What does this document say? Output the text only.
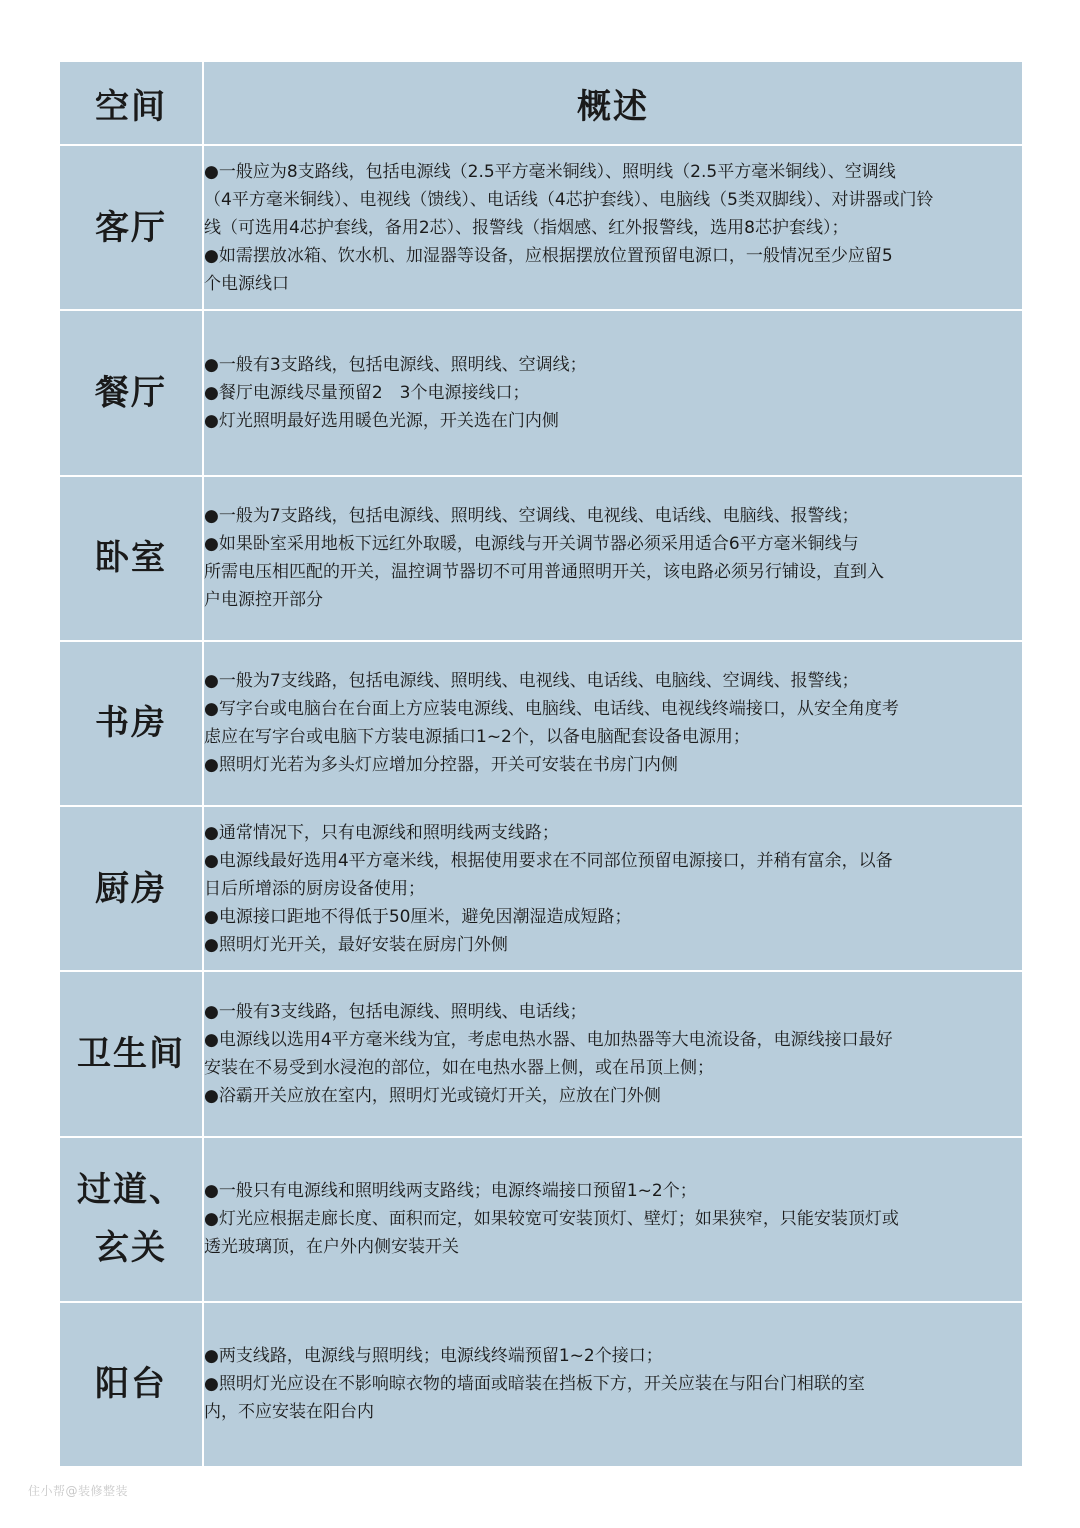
空间	概述

客厅	●一般应为8支路线，包括电源线（2.5平方毫米铜线）、照明线（2.5平方毫米铜线）、空调线
（4平方毫米铜线）、电视线（馈线）、电话线（4芯护套线）、电脑线（5类双脚线）、对讲器或门铃
线（可选用4芯护套线，备用2芯）、报警线（指烟感、红外报警线，选用8芯护套线）；
●如需摆放冰箱、饮水机、加湿器等设备，应根据摆放位置预留电源口，一般情况至少应留5
个电源线口

餐厅	●一般有3支路线，包括电源线、照明线、空调线；
●餐厅电源线尽量预留2　3个电源接线口；
●灯光照明最好选用暖色光源，开关选在门内侧

卧室	●一般为7支路线，包括电源线、照明线、空调线、电视线、电话线、电脑线、报警线；
●如果卧室采用地板下远红外取暖，电源线与开关调节器必须采用适合6平方毫米铜线与
所需电压相匹配的开关，温控调节器切不可用普通照明开关，该电路必须另行铺设，直到入
户电源控开部分

书房	●一般为7支线路，包括电源线、照明线、电视线、电话线、电脑线、空调线、报警线；
●写字台或电脑台在台面上方应装电源线、电脑线、电话线、电视线终端接口，从安全角度考
虑应在写字台或电脑下方装电源插口1~2个，以备电脑配套设备电源用；
●照明灯光若为多头灯应增加分控器，开关可安装在书房门内侧

厨房	●通常情况下，只有电源线和照明线两支线路；
●电源线最好选用4平方毫米线，根据使用要求在不同部位预留电源接口，并稍有富余，以备
日后所增添的厨房设备使用；
●电源接口距地不得低于50厘米，避免因潮湿造成短路；
●照明灯光开关，最好安装在厨房门外侧

卫生间	●一般有3支线路，包括电源线、照明线、电话线；
●电源线以选用4平方毫米线为宜，考虑电热水器、电加热器等大电流设备，电源线接口最好
安装在不易受到水浸泡的部位，如在电热水器上侧，或在吊顶上侧；
●浴霸开关应放在室内，照明灯光或镜灯开关，应放在门外侧

过道、
玄关	●一般只有电源线和照明线两支路线；电源终端接口预留1~2个；
●灯光应根据走廊长度、面积而定，如果较宽可安装顶灯、壁灯；如果狭窄，只能安装顶灯或
透光玻璃顶，在户外内侧安装开关

阳台	●两支线路，电源线与照明线；电源线终端预留1~2个接口；
●照明灯光应设在不影响晾衣物的墙面或暗装在挡板下方，开关应装在与阳台门相联的室
内，不应安装在阳台内
住小帮@装修整装
